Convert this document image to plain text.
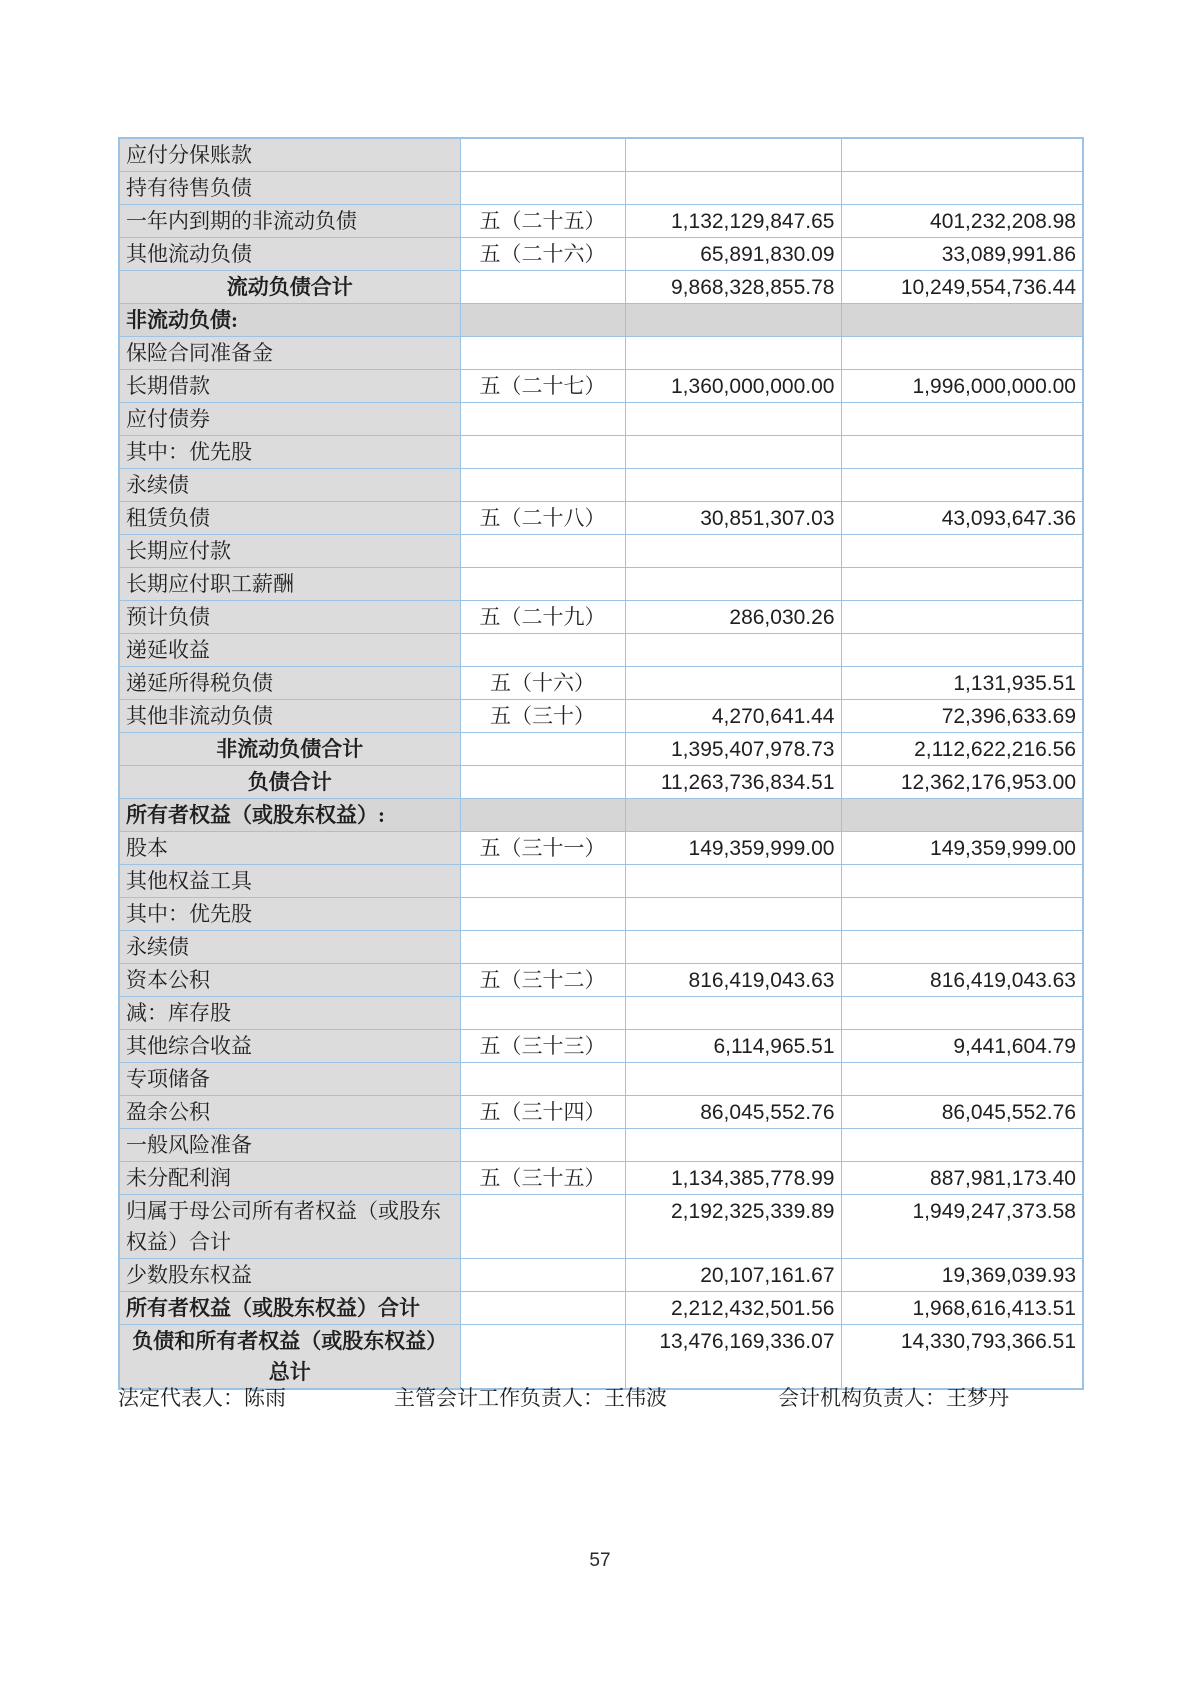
应付分保账款			
持有待售负债			
一年内到期的非流动负债	五（二十五）	1,132,129,847.65	401,232,208.98
其他流动负债	五（二十六）	65,891,830.09	33,089,991.86
流动负债合计		9,868,328,855.78	10,249,554,736.44
非流动负债:			
保险合同准备金			
长期借款	五（二十七）	1,360,000,000.00	1,996,000,000.00
应付债券			
其中：优先股			
永续债			
租赁负债	五（二十八）	30,851,307.03	43,093,647.36
长期应付款			
长期应付职工薪酬			
预计负债	五（二十九）	286,030.26	
递延收益			
递延所得税负债	五（十六）		1,131,935.51
其他非流动负债	五（三十）	4,270,641.44	72,396,633.69
非流动负债合计		1,395,407,978.73	2,112,622,216.56
负债合计		11,263,736,834.51	12,362,176,953.00
所有者权益（或股东权益）:			
股本	五（三十一）	149,359,999.00	149,359,999.00
其他权益工具			
其中：优先股			
永续债			
资本公积	五（三十二）	816,419,043.63	816,419,043.63
减：库存股			
其他综合收益	五（三十三）	6,114,965.51	9,441,604.79
专项储备			
盈余公积	五（三十四）	86,045,552.76	86,045,552.76
一般风险准备			
未分配利润	五（三十五）	1,134,385,778.99	887,981,173.40
归属于母公司所有者权益（或股东权益）合计		2,192,325,339.89	1,949,247,373.58
少数股东权益		20,107,161.67	19,369,039.93
所有者权益（或股东权益）合计		2,212,432,501.56	1,968,616,413.51
负债和所有者权益（或股东权益）总计		13,476,169,336.07	14,330,793,366.51
法定代表人：陈雨	主管会计工作负责人：王伟波	会计机构负责人：王梦丹
57
